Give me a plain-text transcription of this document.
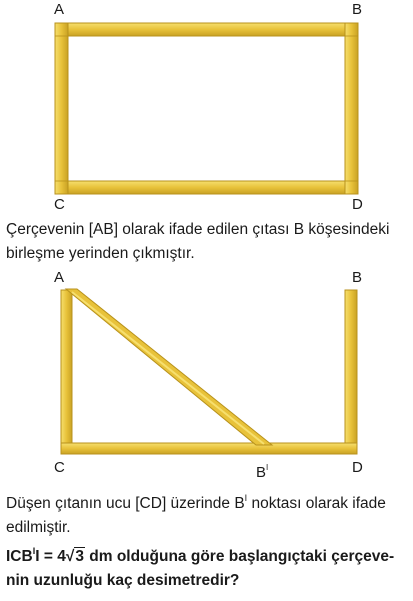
A	B
C	D
Çerçevenin [AB] olarak ifade edilen çıtası B köşesindeki
birleşme yerinden çıkmıştır.
A	B
C	D
$B^I$
Düşen çıtanın ucu [CD] üzerinde $B^I$ noktası olarak ifade
edilmiştir.
$ICB^II = 4√3$ dm olduğuna göre başlangıçtaki çerçeve-
nin uzunluğu kaç desimetredir?
